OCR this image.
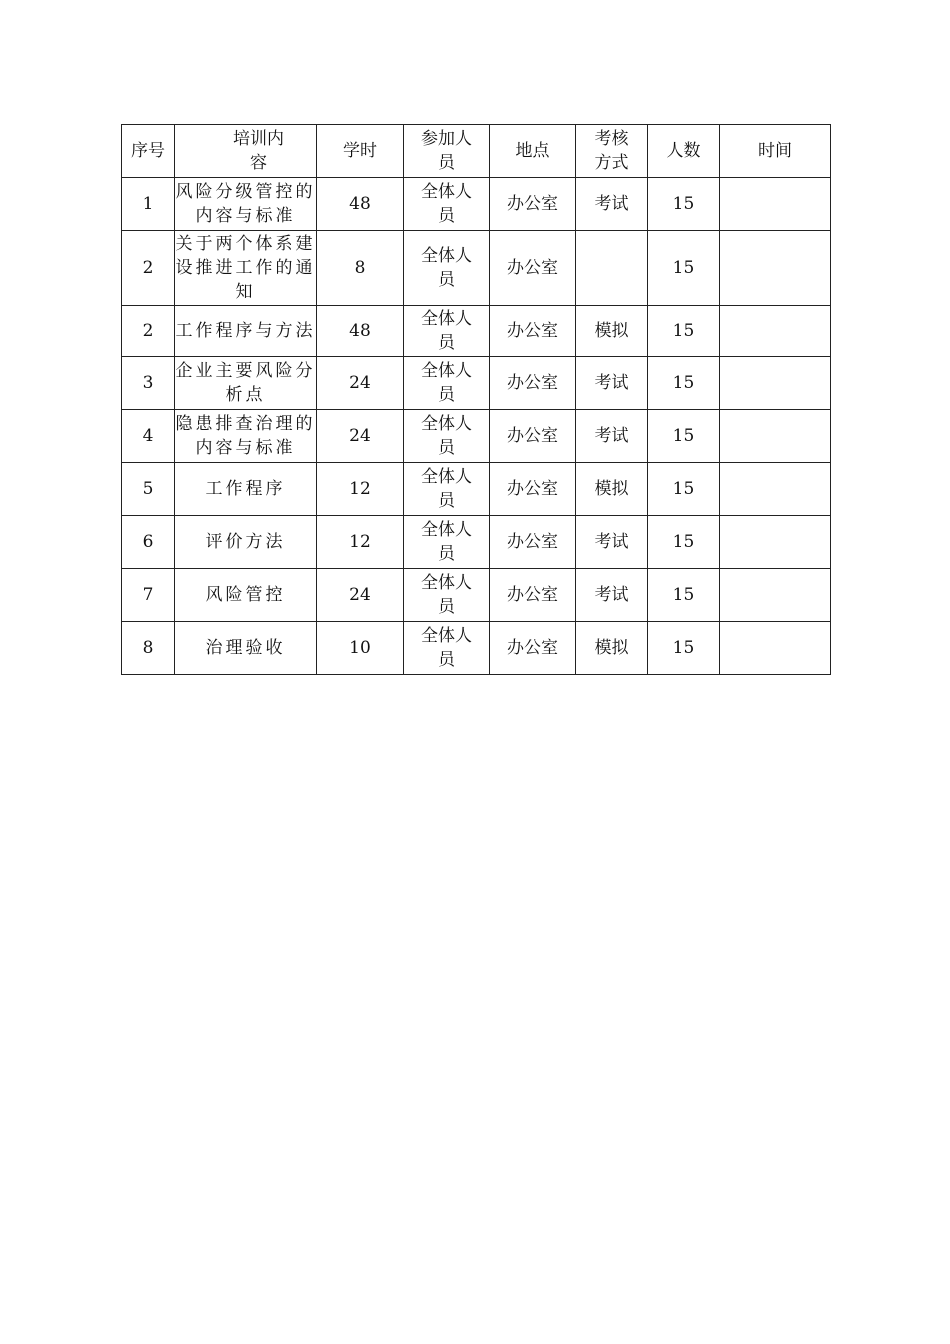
序号	培训内容	学时	参加人员	地点	考核方式	人数	时间
1	风险分级管控的内容与标准	48	全体人员	办公室	考试	15	
2	关于两个体系建设推进工作的通知	8	全体人员	办公室		15	
2	工作程序与方法	48	全体人员	办公室	模拟	15	
3	企业主要风险分析点	24	全体人员	办公室	考试	15	
4	隐患排查治理的内容与标准	24	全体人员	办公室	考试	15	
5	工作程序	12	全体人员	办公室	模拟	15	
6	评价方法	12	全体人员	办公室	考试	15	
7	风险管控	24	全体人员	办公室	考试	15	
8	治理验收	10	全体人员	办公室	模拟	15	
